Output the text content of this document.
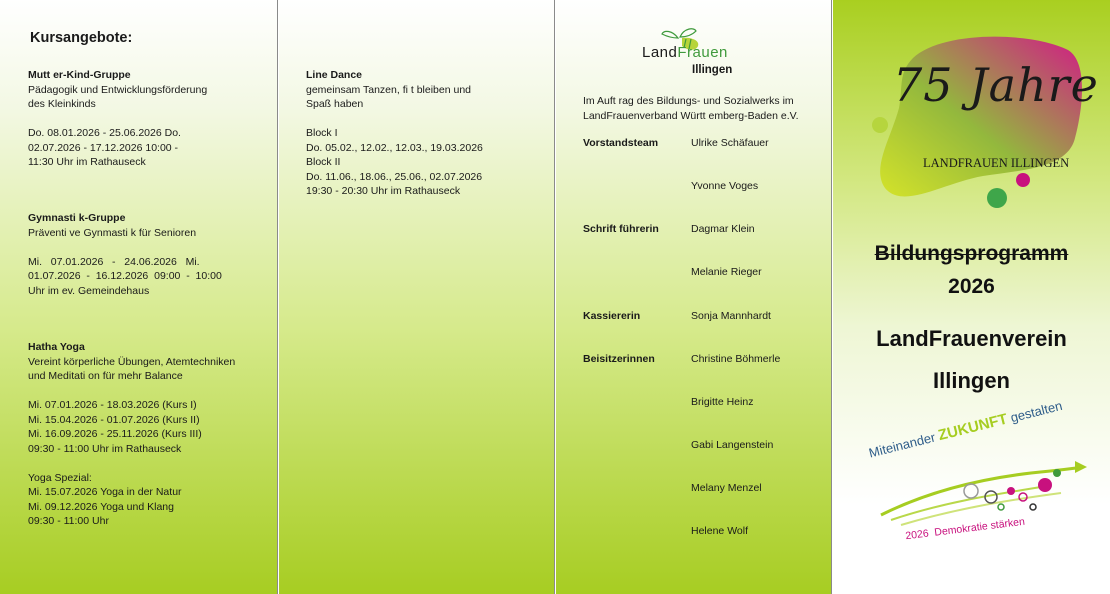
Kursangebote:
Mutt er-Kind-Gruppe
Pädagogik und Entwicklungsförderung
des Kleinkinds
Do. 08.01.2026 - 25.06.2026 Do.
02.07.2026 - 17.12.2026 10:00 -
11:30 Uhr im Rathauseck
Gymnasti k-Gruppe
Präventi ve Gynmasti k für Senioren
Mi.   07.01.2026   -   24.06.2026   Mi.
01.07.2026  -  16.12.2026  09:00  -  10:00
Uhr im ev. Gemeindehaus
Hatha Yoga
Vereint körperliche Übungen, Atemtechniken
und Meditati on für mehr Balance
Mi. 07.01.2026 - 18.03.2026 (Kurs I)
Mi. 15.04.2026 - 01.07.2026 (Kurs II)
Mi. 16.09.2026 - 25.11.2026 (Kurs III)
09:30 - 11:00 Uhr im Rathauseck
Yoga Spezial:
Mi. 15.07.2026 Yoga in der Natur
Mi. 09.12.2026 Yoga und Klang
09:30 - 11:00 Uhr
Line Dance
gemeinsam Tanzen, fi t bleiben und
Spaß haben
Block I
Do. 05.02., 12.02., 12.03., 19.03.2026
Block II
Do. 11.06., 18.06., 25.06., 02.07.2026
19:30 - 20:30 Uhr im Rathauseck
LandFrauen
Illingen
Im Auft rag des Bildungs- und Sozialwerks im
LandFrauenverband Württ emberg-Baden e.V.
Vorstandsteam	Ulrike Schäfauer
Yvonne Voges
Schrift führerin	Dagmar Klein
Melanie Rieger
Kassiererin	Sonja Mannhardt
Beisitzerinnen	Christine Böhmerle
Brigitte Heinz
Gabi Langenstein
Melany Menzel
Helene Wolf
75 Jahre
LANDFRAUEN ILLINGEN
Bildungsprogramm
2026
LandFrauenverein
Illingen
Miteinander ZUKUNFT gestalten
2026  Demokratie stärken
